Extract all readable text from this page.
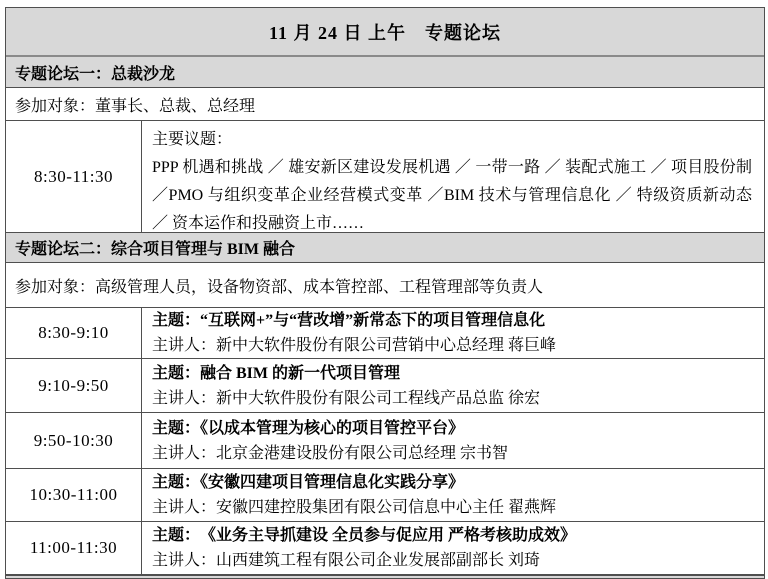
11 月 24 日 上午　专题论坛
专题论坛一：总裁沙龙
参加对象：董事长、总裁、总经理
8:30-11:30
主要议题：
PPP 机遇和挑战 ／ 雄安新区建设发展机遇 ／ 一带一路 ／ 装配式施工 ／ 项目股份制 ／PMO 与组织变革企业经营模式变革 ／BIM 技术与管理信息化 ／ 特级资质新动态 ／ 资本运作和投融资上市……
专题论坛二：综合项目管理与 BIM 融合
参加对象：高级管理人员，设备物资部、成本管控部、工程管理部等负责人
8:30-9:10
主题：“互联网+”与“营改增”新常态下的项目管理信息化
主讲人：新中大软件股份有限公司营销中心总经理 蒋巨峰
9:10-9:50
主题：融合 BIM 的新一代项目管理
主讲人：新中大软件股份有限公司工程线产品总监 徐宏
9:50-10:30
主题：《以成本管理为核心的项目管控平台》
主讲人：北京金港建设股份有限公司总经理 宗书智
10:30-11:00
主题：《安徽四建项目管理信息化实践分享》
主讲人：安徽四建控股集团有限公司信息中心主任 翟燕辉
11:00-11:30
主题：　《业务主导抓建设 全员参与促应用 严格考核助成效》
主讲人：山西建筑工程有限公司企业发展部副部长 刘琦
